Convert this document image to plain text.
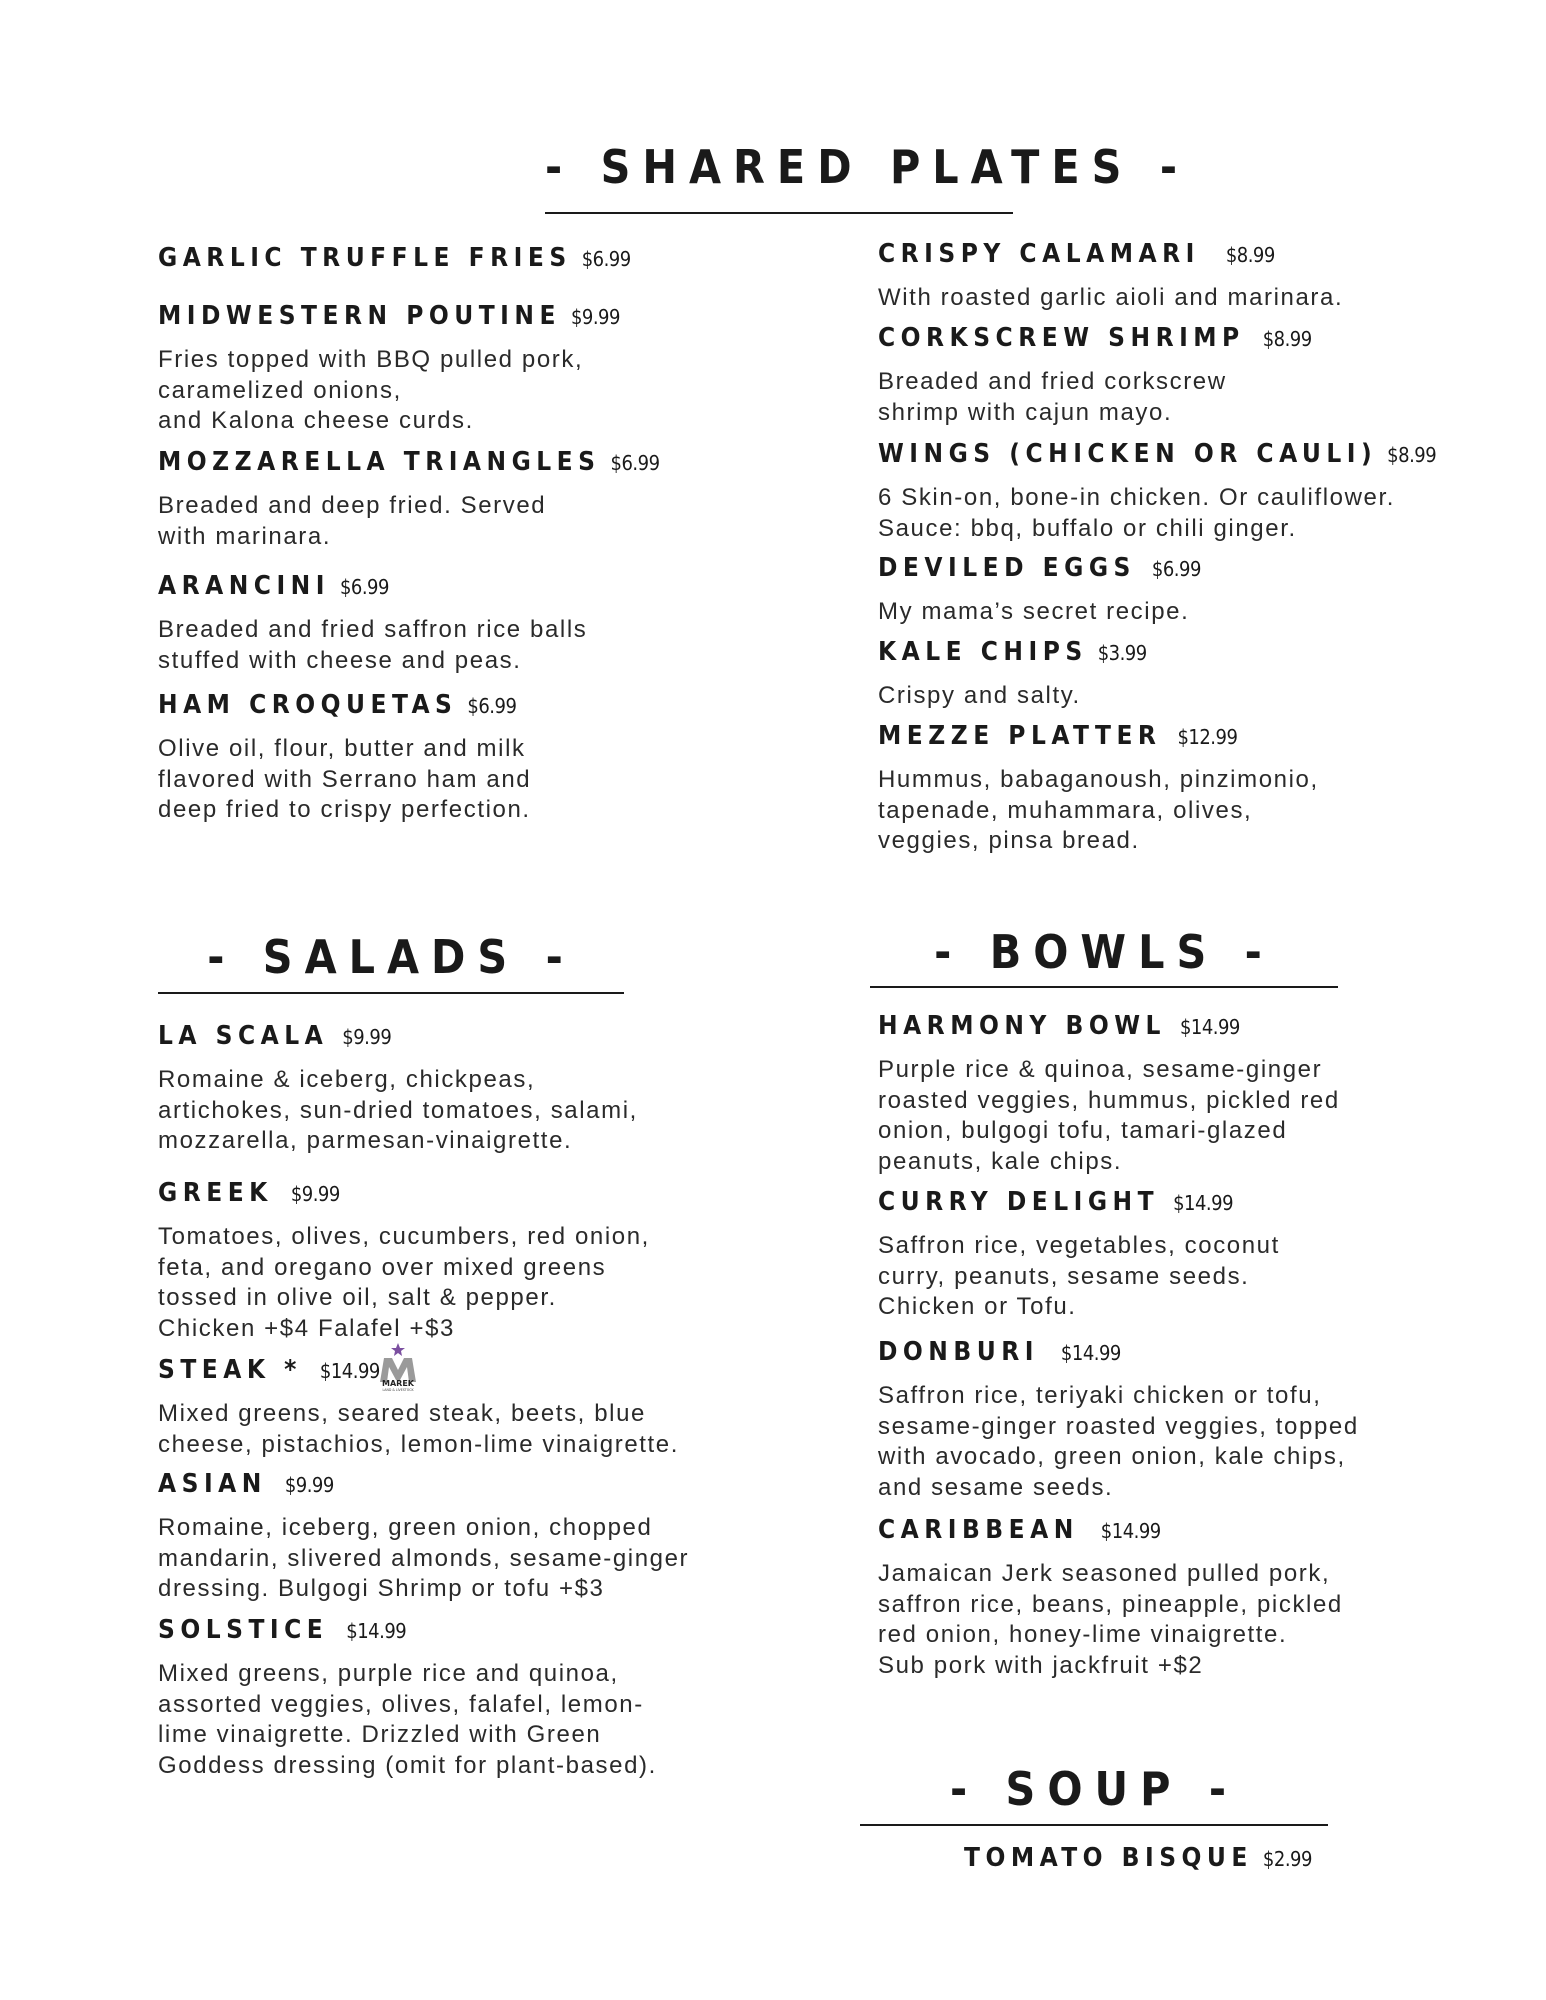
- SHARED PLATES -
GARLIC TRUFFLE FRIES $6.99
MIDWESTERN POUTINE $9.99
Fries topped with BBQ pulled pork,
caramelized onions,
and Kalona cheese curds.
MOZZARELLA TRIANGLES $6.99
Breaded and deep fried. Served
with marinara.
ARANCINI $6.99
Breaded and fried saffron rice balls
stuffed with cheese and peas.
HAM CROQUETAS $6.99
Olive oil, flour, butter and milk
flavored with Serrano ham and
deep fried to crispy perfection.
CRISPY CALAMARI $8.99
With roasted garlic aioli and marinara.
CORKSCREW SHRIMP $8.99
Breaded and fried corkscrew
shrimp with cajun mayo.
WINGS (CHICKEN OR CAULI) $8.99
6 Skin-on, bone-in chicken. Or cauliflower.
Sauce: bbq, buffalo or chili ginger.
DEVILED EGGS $6.99
My mama’s secret recipe.
KALE CHIPS $3.99
Crispy and salty.
MEZZE PLATTER $12.99
Hummus, babaganoush, pinzimonio,
tapenade, muhammara, olives,
veggies, pinsa bread.
- SALADS -
LA SCALA $9.99
Romaine & iceberg, chickpeas,
artichokes, sun-dried tomatoes, salami,
mozzarella, parmesan-vinaigrette.
GREEK $9.99
Tomatoes, olives, cucumbers, red onion,
feta, and oregano over mixed greens
tossed in olive oil, salt & pepper.
Chicken +$4 Falafel +$3
STEAK * $14.99
Mixed greens, seared steak, beets, blue
cheese, pistachios, lemon-lime vinaigrette.
MAREK
LAND & LIVESTOCK
ASIAN $9.99
Romaine, iceberg, green onion, chopped
mandarin, slivered almonds, sesame-ginger
dressing. Bulgogi Shrimp or tofu +$3
SOLSTICE $14.99
Mixed greens, purple rice and quinoa,
assorted veggies, olives, falafel, lemon-
lime vinaigrette. Drizzled with Green
Goddess dressing (omit for plant-based).
- BOWLS -
HARMONY BOWL $14.99
Purple rice & quinoa, sesame-ginger
roasted veggies, hummus, pickled red
onion, bulgogi tofu, tamari-glazed
peanuts, kale chips.
CURRY DELIGHT $14.99
Saffron rice, vegetables, coconut
curry, peanuts, sesame seeds.
Chicken or Tofu.
DONBURI $14.99
Saffron rice, teriyaki chicken or tofu,
sesame-ginger roasted veggies, topped
with avocado, green onion, kale chips,
and sesame seeds.
CARIBBEAN $14.99
Jamaican Jerk seasoned pulled pork,
saffron rice, beans, pineapple, pickled
red onion, honey-lime vinaigrette.
Sub pork with jackfruit +$2
- SOUP -
TOMATO BISQUE $2.99
